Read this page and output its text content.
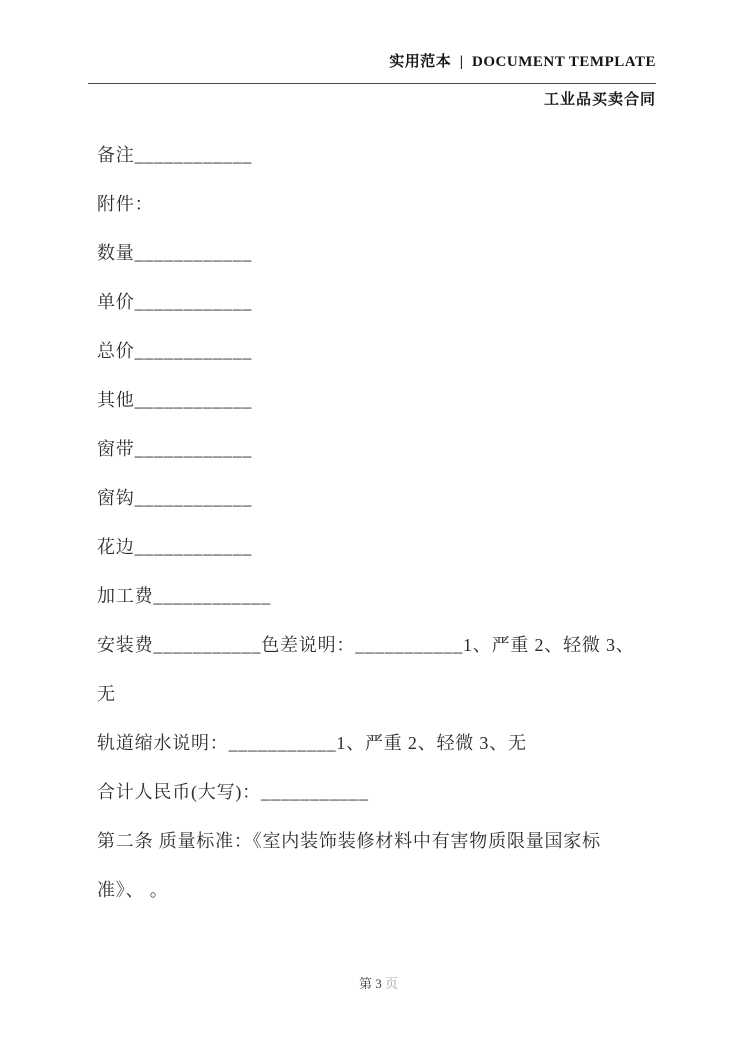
实用范本  |  DOCUMENT TEMPLATE
工业品买卖合同
备注____________
附件：
数量____________
单价____________
总价____________
其他____________
窗带____________
窗钩____________
花边____________
加工费____________
安装费___________色差说明：___________1、严重 2、轻微 3、
无
轨道缩水说明：___________1、严重 2、轻微 3、无
合计人民币(大写)：___________
第二条 质量标准：《室内装饰装修材料中有害物质限量国家标
准》、 。

第 3 页
